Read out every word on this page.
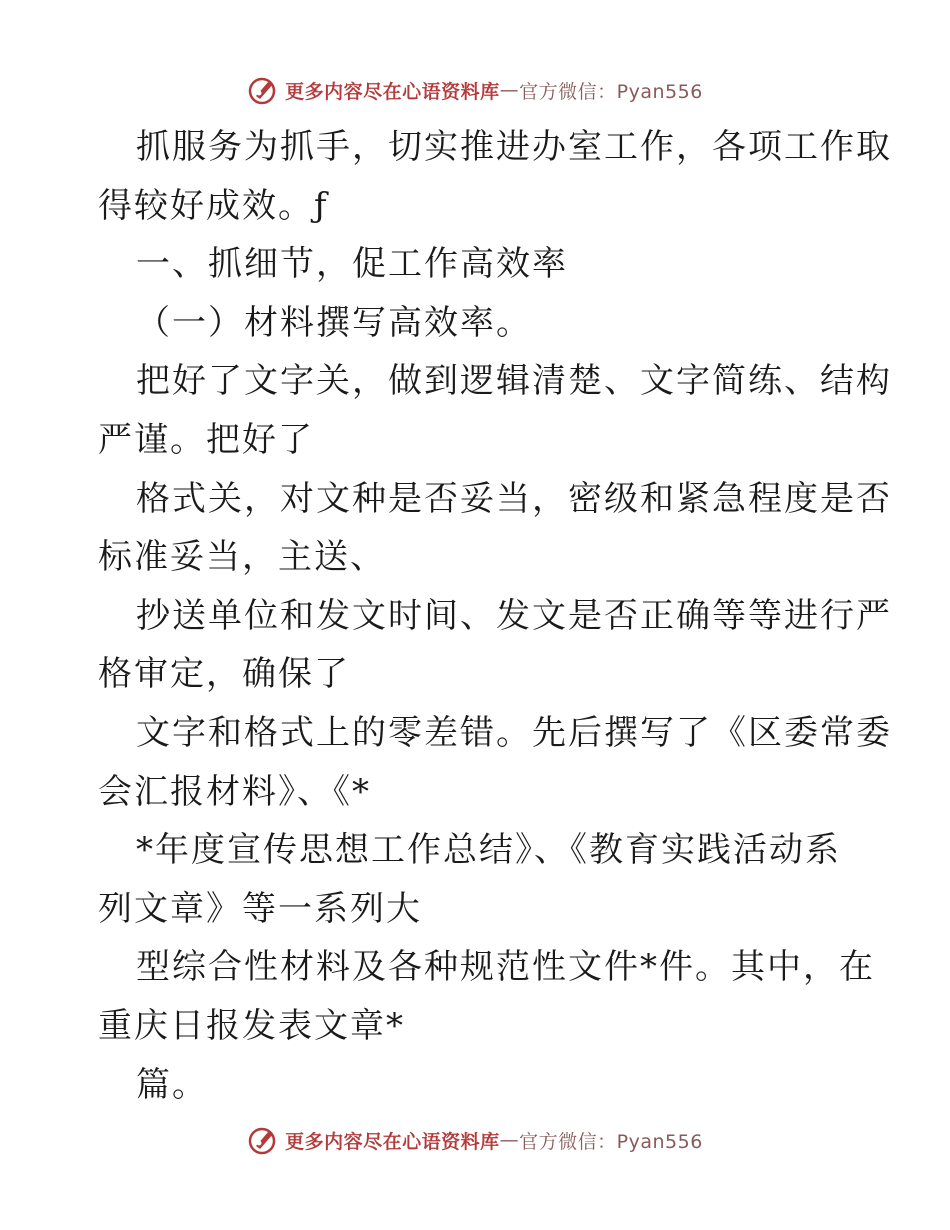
更多内容尽在心语资料库 — 官方微信：Pyan556
抓服务为抓手，切实推进办室工作，各项工作取
得较好成效。ƒ
一、抓细节，促工作高效率
（一）材料撰写高效率。
把好了文字关，做到逻辑清楚、文字简练、结构
严谨。把好了
格式关，对文种是否妥当，密级和紧急程度是否
标准妥当，主送、
抄送单位和发文时间、发文是否正确等等进行严
格审定，确保了
文字和格式上的零差错。先后撰写了《区委常委
会汇报材料》、《*
*年度宣传思想工作总结》、《教育实践活动系
列文章》等一系列大
型综合性材料及各种规范性文件*件。其中，在
重庆日报发表文章*
篇。
更多内容尽在心语资料库 — 官方微信：Pyan556
